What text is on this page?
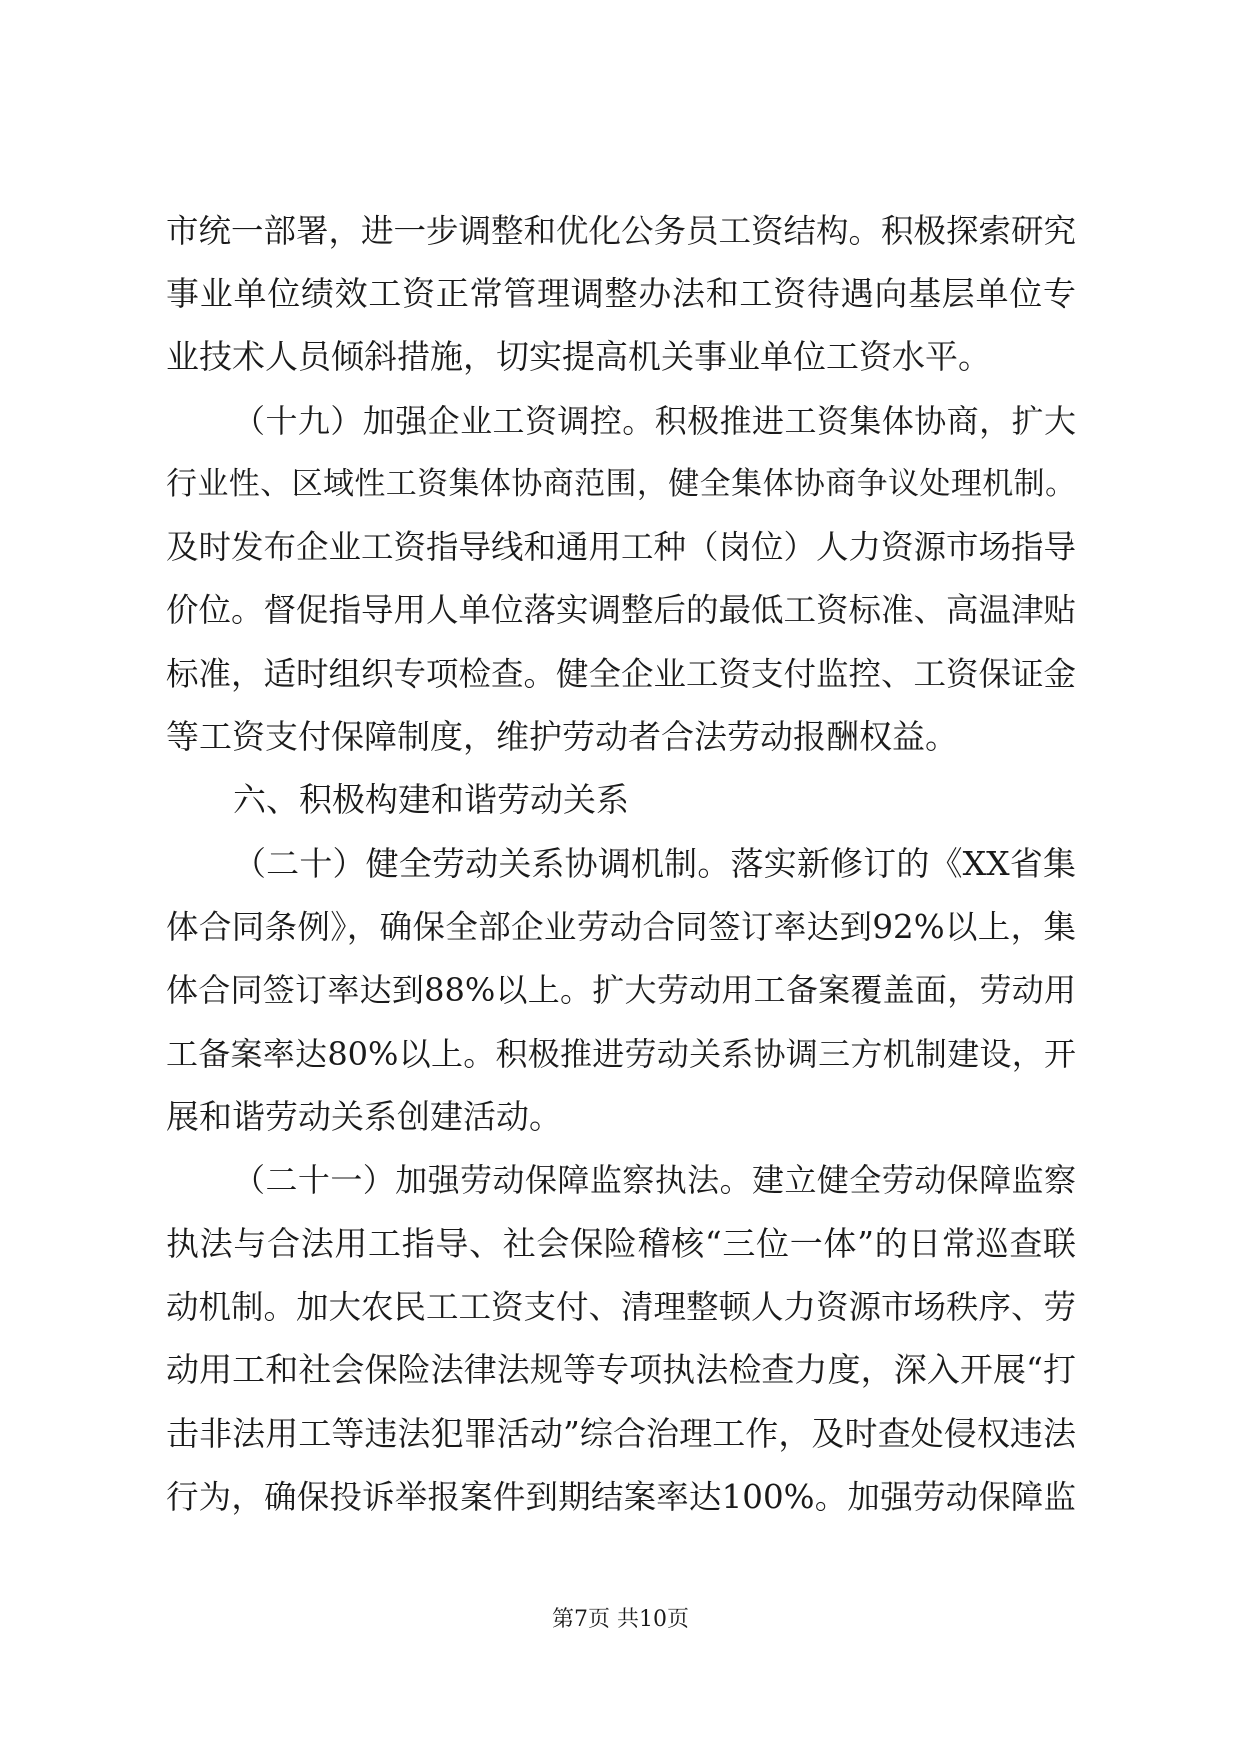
市统一部署，进一步调整和优化公务员工资结构。积极探索研究
事业单位绩效工资正常管理调整办法和工资待遇向基层单位专
业技术人员倾斜措施，切实提高机关事业单位工资水平。
（十九）加强企业工资调控。积极推进工资集体协商，扩大
行业性、区域性工资集体协商范围，健全集体协商争议处理机制。
及时发布企业工资指导线和通用工种（岗位）人力资源市场指导
价位。督促指导用人单位落实调整后的最低工资标准、高温津贴
标准，适时组织专项检查。健全企业工资支付监控、工资保证金
等工资支付保障制度，维护劳动者合法劳动报酬权益。
六、积极构建和谐劳动关系
（二十）健全劳动关系协调机制。落实新修订的《XX省集
体合同条例》，确保全部企业劳动合同签订率达到92%以上，集
体合同签订率达到88%以上。扩大劳动用工备案覆盖面，劳动用
工备案率达80%以上。积极推进劳动关系协调三方机制建设，开
展和谐劳动关系创建活动。
（二十一）加强劳动保障监察执法。建立健全劳动保障监察
执法与合法用工指导、社会保险稽核“三位一体”的日常巡查联
动机制。加大农民工工资支付、清理整顿人力资源市场秩序、劳
动用工和社会保险法律法规等专项执法检查力度，深入开展“打
击非法用工等违法犯罪活动”综合治理工作，及时查处侵权违法
行为，确保投诉举报案件到期结案率达100%。加强劳动保障监
第7页 共10页
